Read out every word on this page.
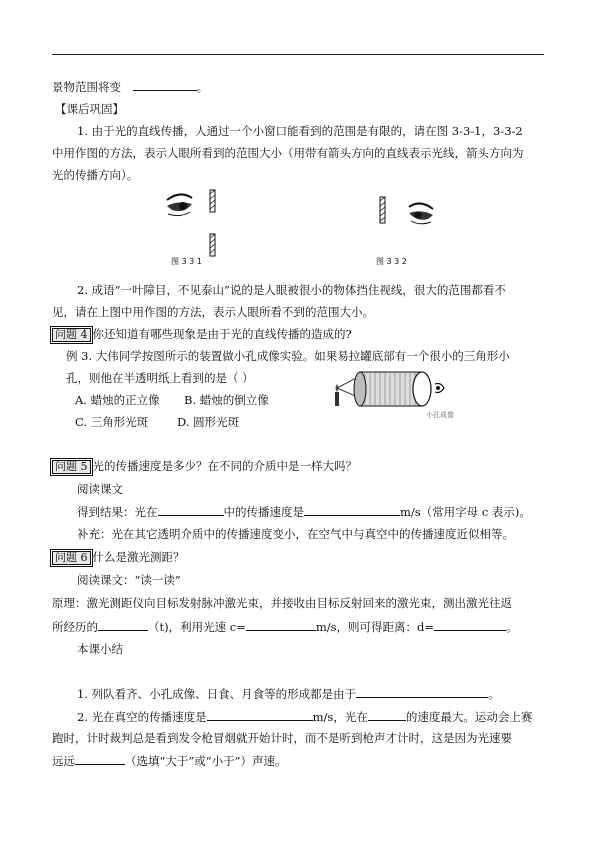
景物范围将变	。
【课后巩固】
1. 由于光的直线传播，人通过一个小窗口能看到的范围是有限的，请在图 3-3-1，3-3-2
中用作图的方法，表示人眼所看到的范围大小（用带有箭头方向的直线表示光线，箭头方向为
光的传播方向）。
图 3 3 1	图 3 3 2
2. 成语“一叶障目，不见泰山”说的是人眼被很小的物体挡住视线，很大的范围都看不
见，请在上图中用作图的方法，表示人眼所看不到的范围大小。
问题 4 你还知道有哪些现象是由于光的直线传播的造成的?
例 3. 大伟同学按图所示的装置做小孔成像实验。如果易拉罐底部有一个很小的三角形小
孔，则他在半透明纸上看到的是（ ）
A. 蜡烛的正立像 B. 蜡烛的倒立像
C. 三角形光斑	D. 圆形光斑	小孔成像
问题 5 光的传播速度是多少？在不同的介质中是一样大吗？
阅读课文
得到结果：光在	中的传播速度是	m/s（常用字母 c 表示)。
补充：光在其它透明介质中的传播速度变小，在空气中与真空中的传播速度近似相等。
问题 6 什么是激光测距？
阅读课文：“读一读”
原理：激光测距仪向目标发射脉冲激光束，并接收由目标反射回来的激光束，测出激光往返
所经历的	（t)，利用光速 c=	m/s，则可得距离：d=	。
本课小结
1. 列队看齐、小孔成像、日食、月食等的形成都是由于	。
2. 光在真空的传播速度是	m/s，光在	的速度最大。运动会上赛
跑时，计时裁判总是看到发令枪冒烟就开始计时，而不是听到枪声才计时，这是因为光速要
远远	（选填“大于”或“小于”）声速。
